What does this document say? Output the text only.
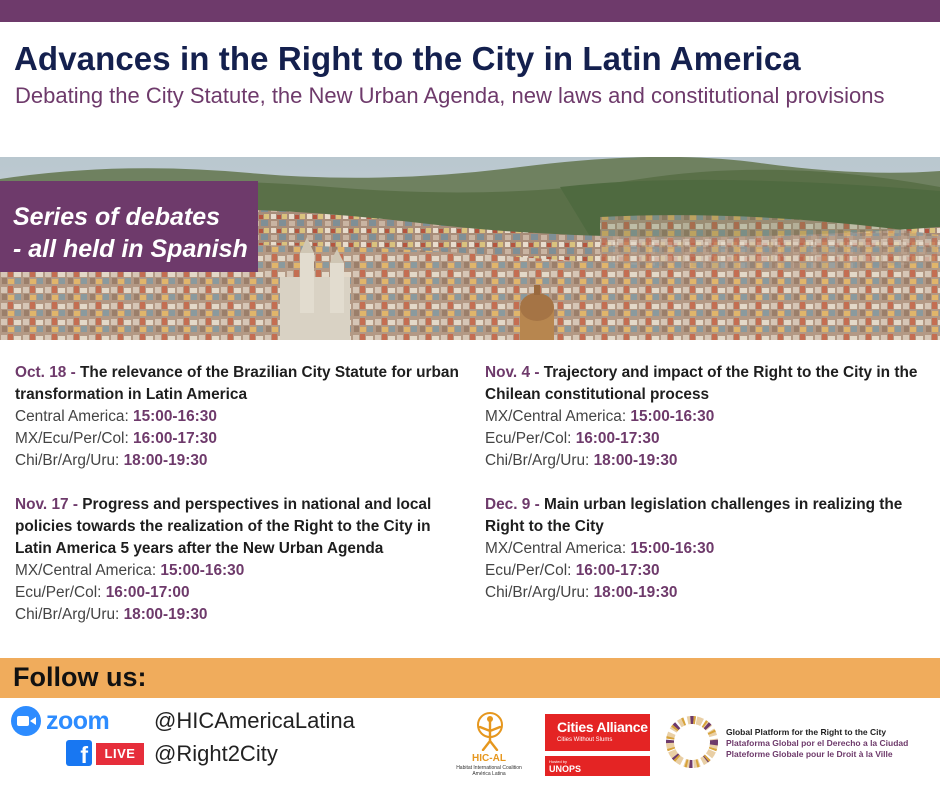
Advances in the Right to the City in Latin America

Debating the City Statute, the New Urban Agenda, new laws and constitutional provisions

Series of debates
- all held in Spanish
Oct. 18 - The relevance of the Brazilian City Statute for urban transformation in Latin America
Central America: 15:00-16:30
MX/Ecu/Per/Col: 16:00-17:30
Chi/Br/Arg/Uru: 18:00-19:30
Nov. 4 - Trajectory and impact of the Right to the City in the Chilean constitutional process
MX/Central America: 15:00-16:30
Ecu/Per/Col: 16:00-17:30
Chi/Br/Arg/Uru: 18:00-19:30
Nov. 17 - Progress and perspectives in national and local policies towards the realization of the Right to the City in Latin America 5 years after the New Urban Agenda
MX/Central America: 15:00-16:30
Ecu/Per/Col: 16:00-17:00
Chi/Br/Arg/Uru: 18:00-19:30
Dec. 9 - Main urban legislation challenges in realizing the Right to the City
MX/Central America: 15:00-16:30
Ecu/Per/Col: 16:00-17:30
Chi/Br/Arg/Uru: 18:00-19:30
Follow us:
zoom
f	LIVE
@HICAmericaLatina
@Right2City	HIC-AL
Habitat International Coalition
América Latina
Cities Alliance
Cities Without Slums
Hosted by
UNOPS
Global Platform for the Right to the City
Plataforma Global por el Derecho a la Ciudad
Plateforme Globale pour le Droit à la Ville
